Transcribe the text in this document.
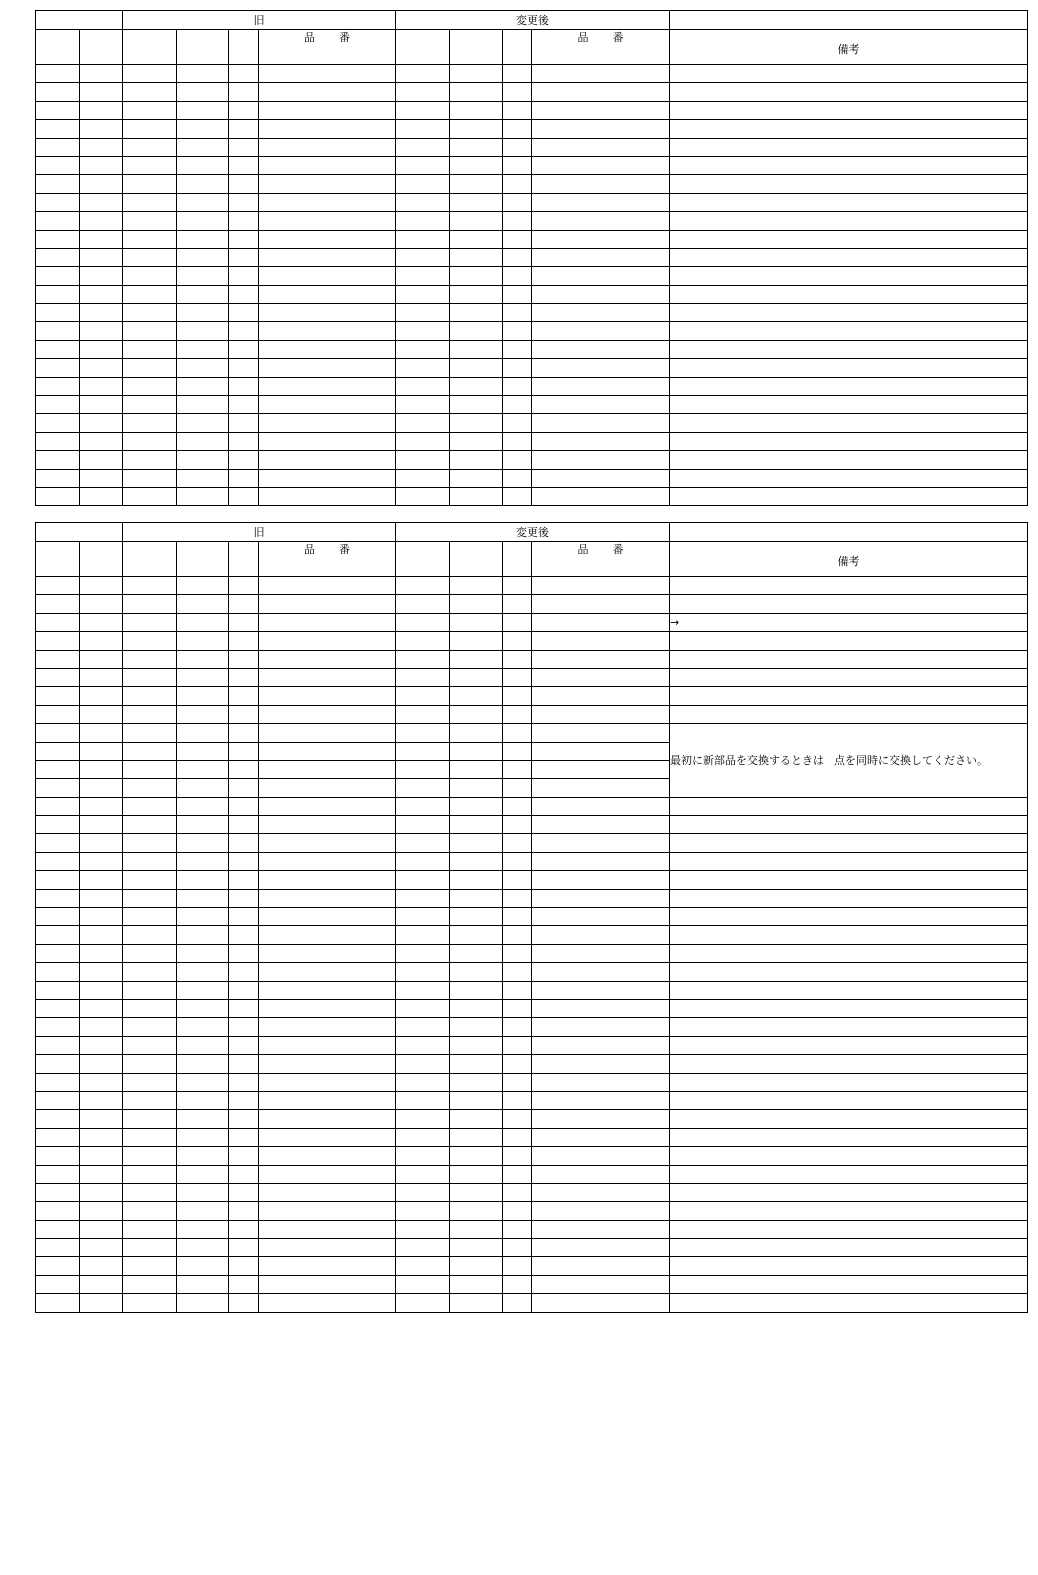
		旧				変更後				
					品 番				品 番	備考

		旧				変更後				
					品 番				品 番	備考

										→

										最初に新部品を交換するときは 点を同時に交換してください。
